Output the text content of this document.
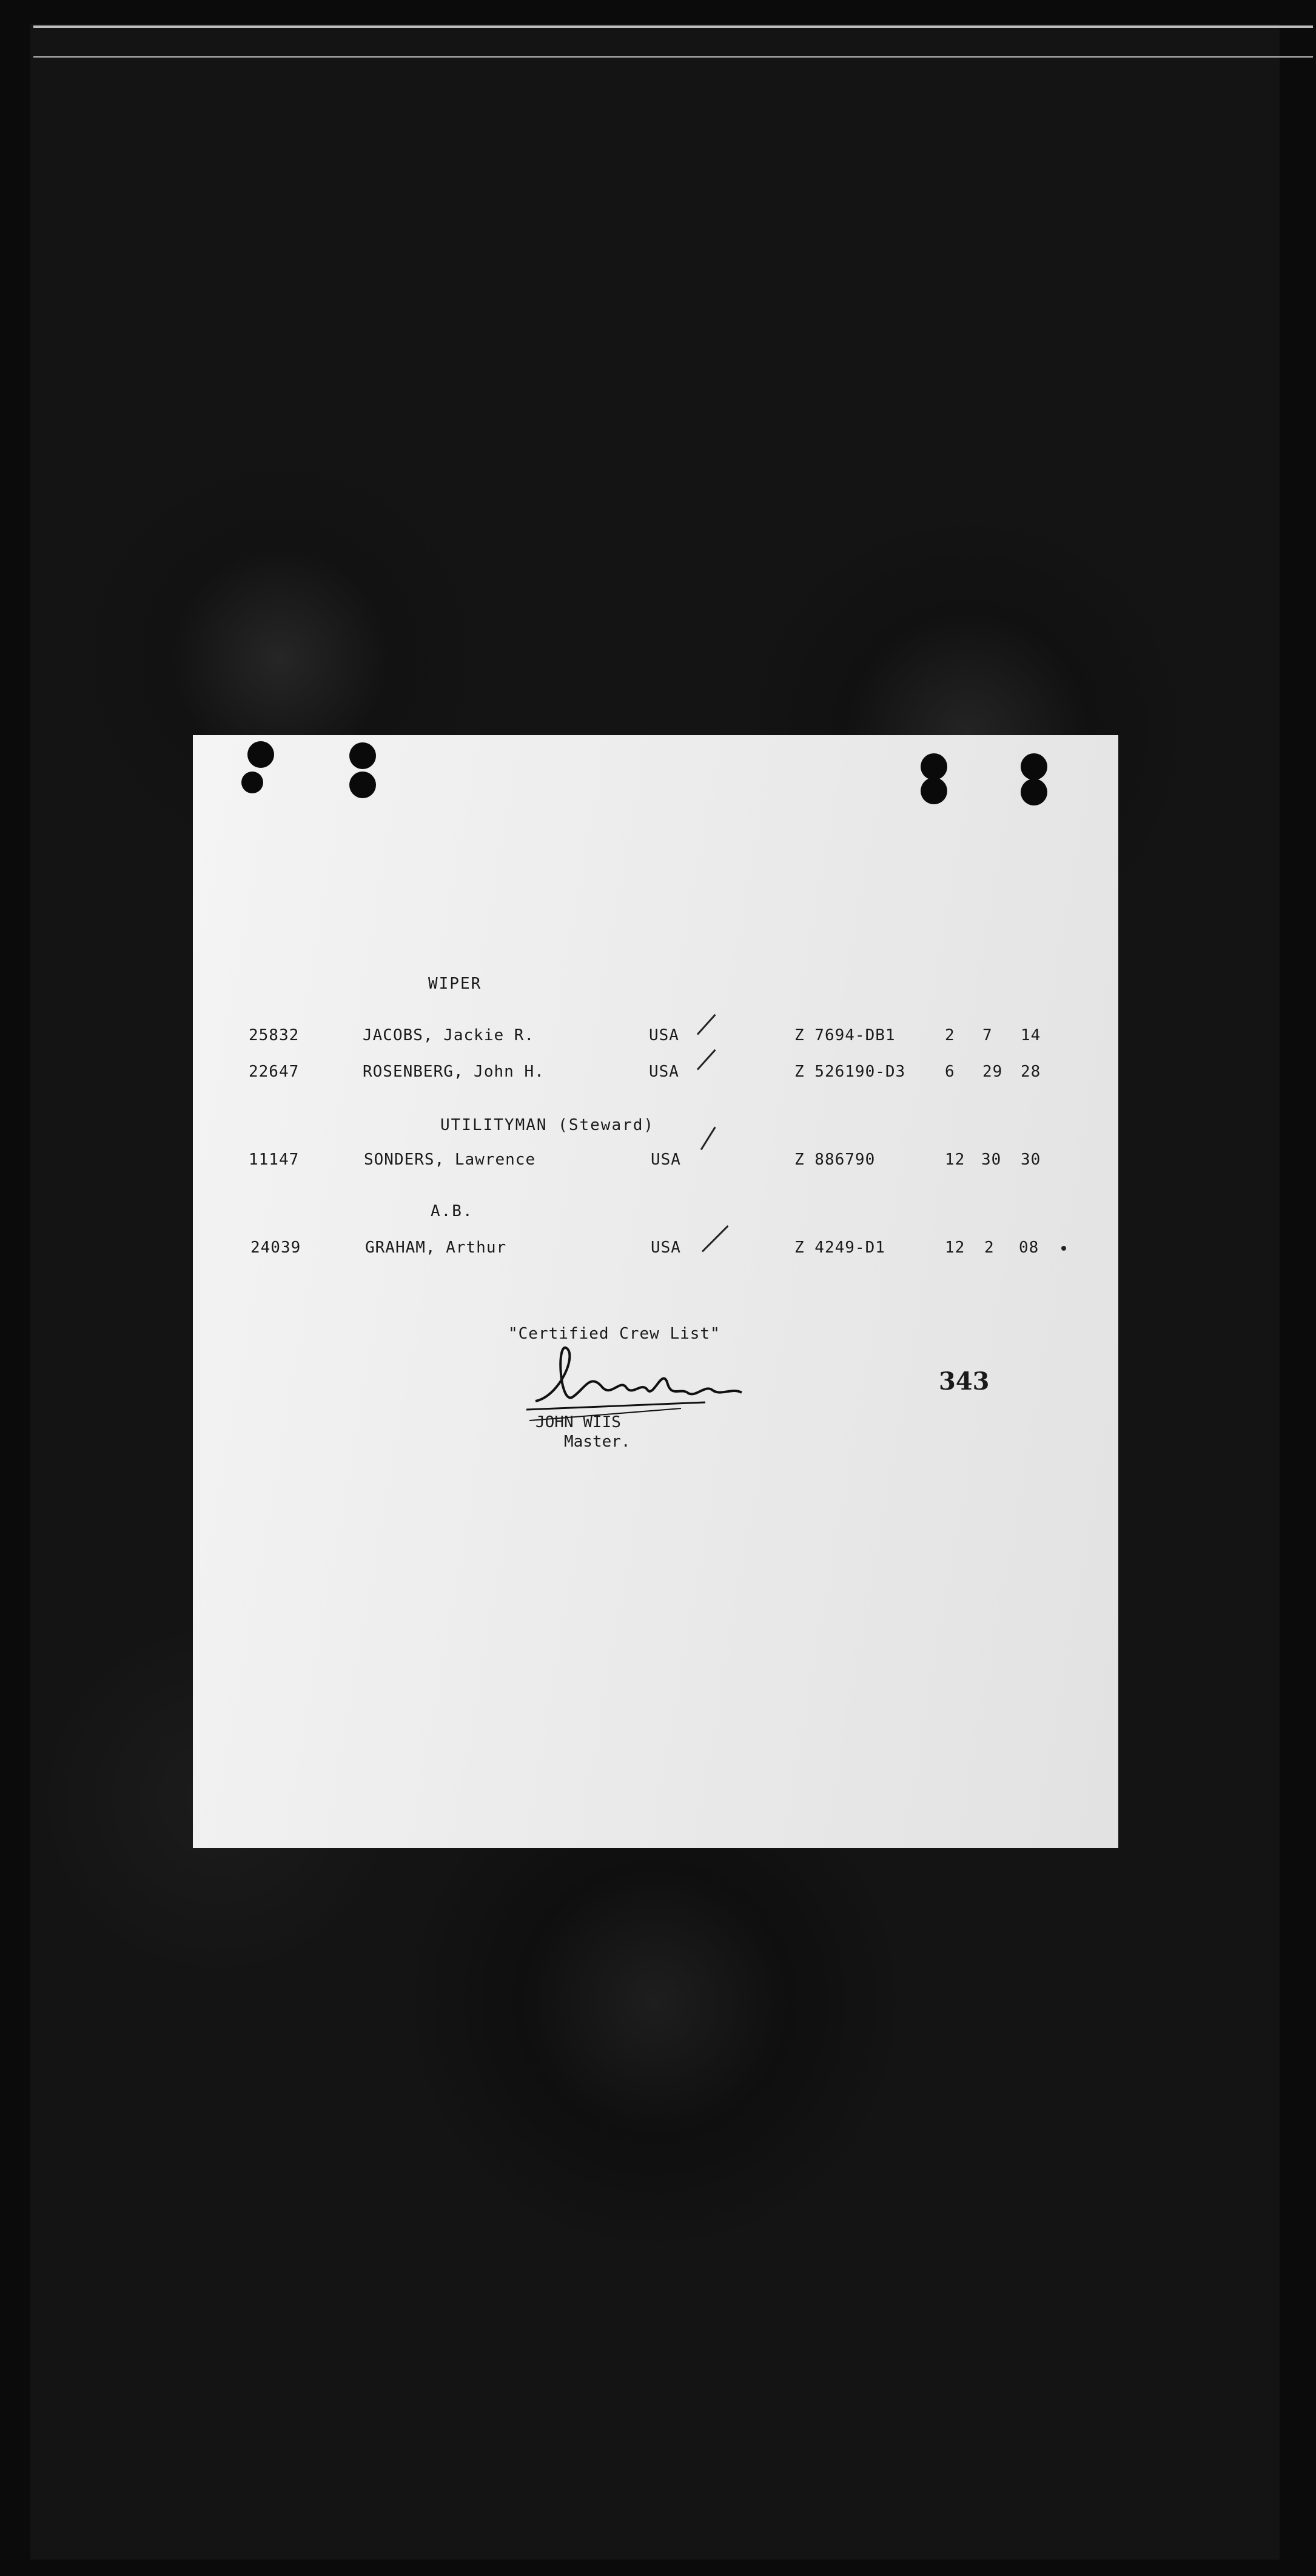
WIPER
25832	JACOBS, Jackie R.	USA	Z 7694-DB1	2 7 14
22647	ROSENBERG, John H.	USA	Z 526190-D3 6 29 28
UTILITYMAN (Steward)
11147	SONDERS, Lawrence	USA	Z 886790	12 30 30
A.B.
24039	GRAHAM, Arthur	USA	Z 4249-D1	12 2 08
"Certified Crew List"
JOHN WIIS
Master.
343
